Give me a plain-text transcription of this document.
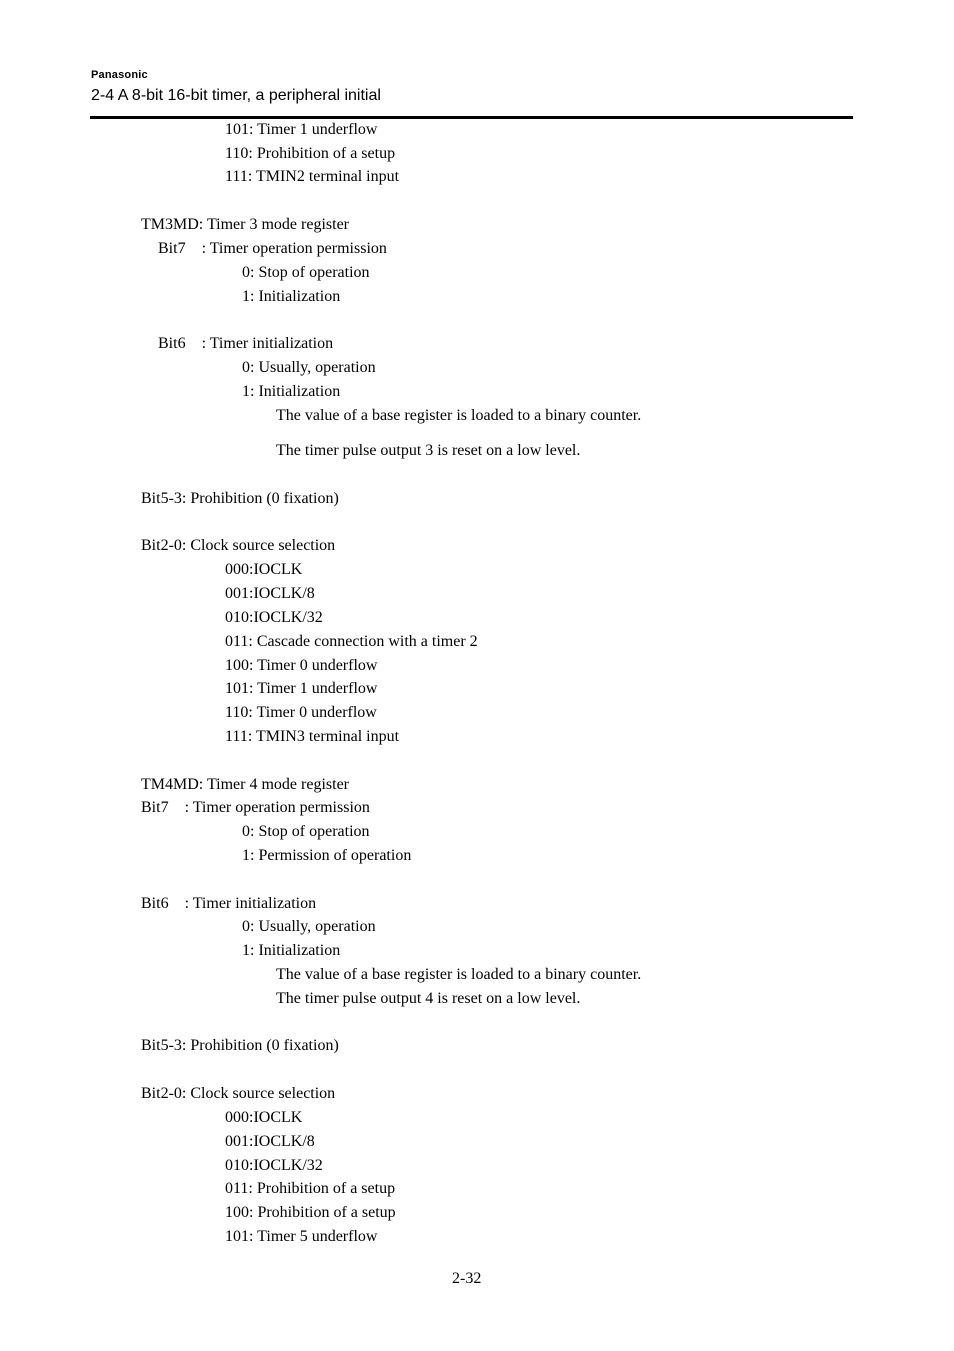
Panasonic
2-4 A 8-bit 16-bit timer, a peripheral initial
101: Timer 1 underflow
110: Prohibition of a setup
111: TMIN2 terminal input
TM3MD: Timer 3 mode register
Bit7    : Timer operation permission
0: Stop of operation
1: Initialization
Bit6    : Timer initialization
0: Usually, operation
1: Initialization
The value of a base register is loaded to a binary counter.
The timer pulse output 3 is reset on a low level.
Bit5-3: Prohibition (0 fixation)
Bit2-0: Clock source selection
000:IOCLK
001:IOCLK/8
010:IOCLK/32
011: Cascade connection with a timer 2
100: Timer 0 underflow
101: Timer 1 underflow
110: Timer 0 underflow
111: TMIN3 terminal input
TM4MD: Timer 4 mode register
Bit7    : Timer operation permission
0: Stop of operation
1: Permission of operation
Bit6    : Timer initialization
0: Usually, operation
1: Initialization
The value of a base register is loaded to a binary counter.
The timer pulse output 4 is reset on a low level.
Bit5-3: Prohibition (0 fixation)
Bit2-0: Clock source selection
000:IOCLK
001:IOCLK/8
010:IOCLK/32
011: Prohibition of a setup
100: Prohibition of a setup
101: Timer 5 underflow
2-32
